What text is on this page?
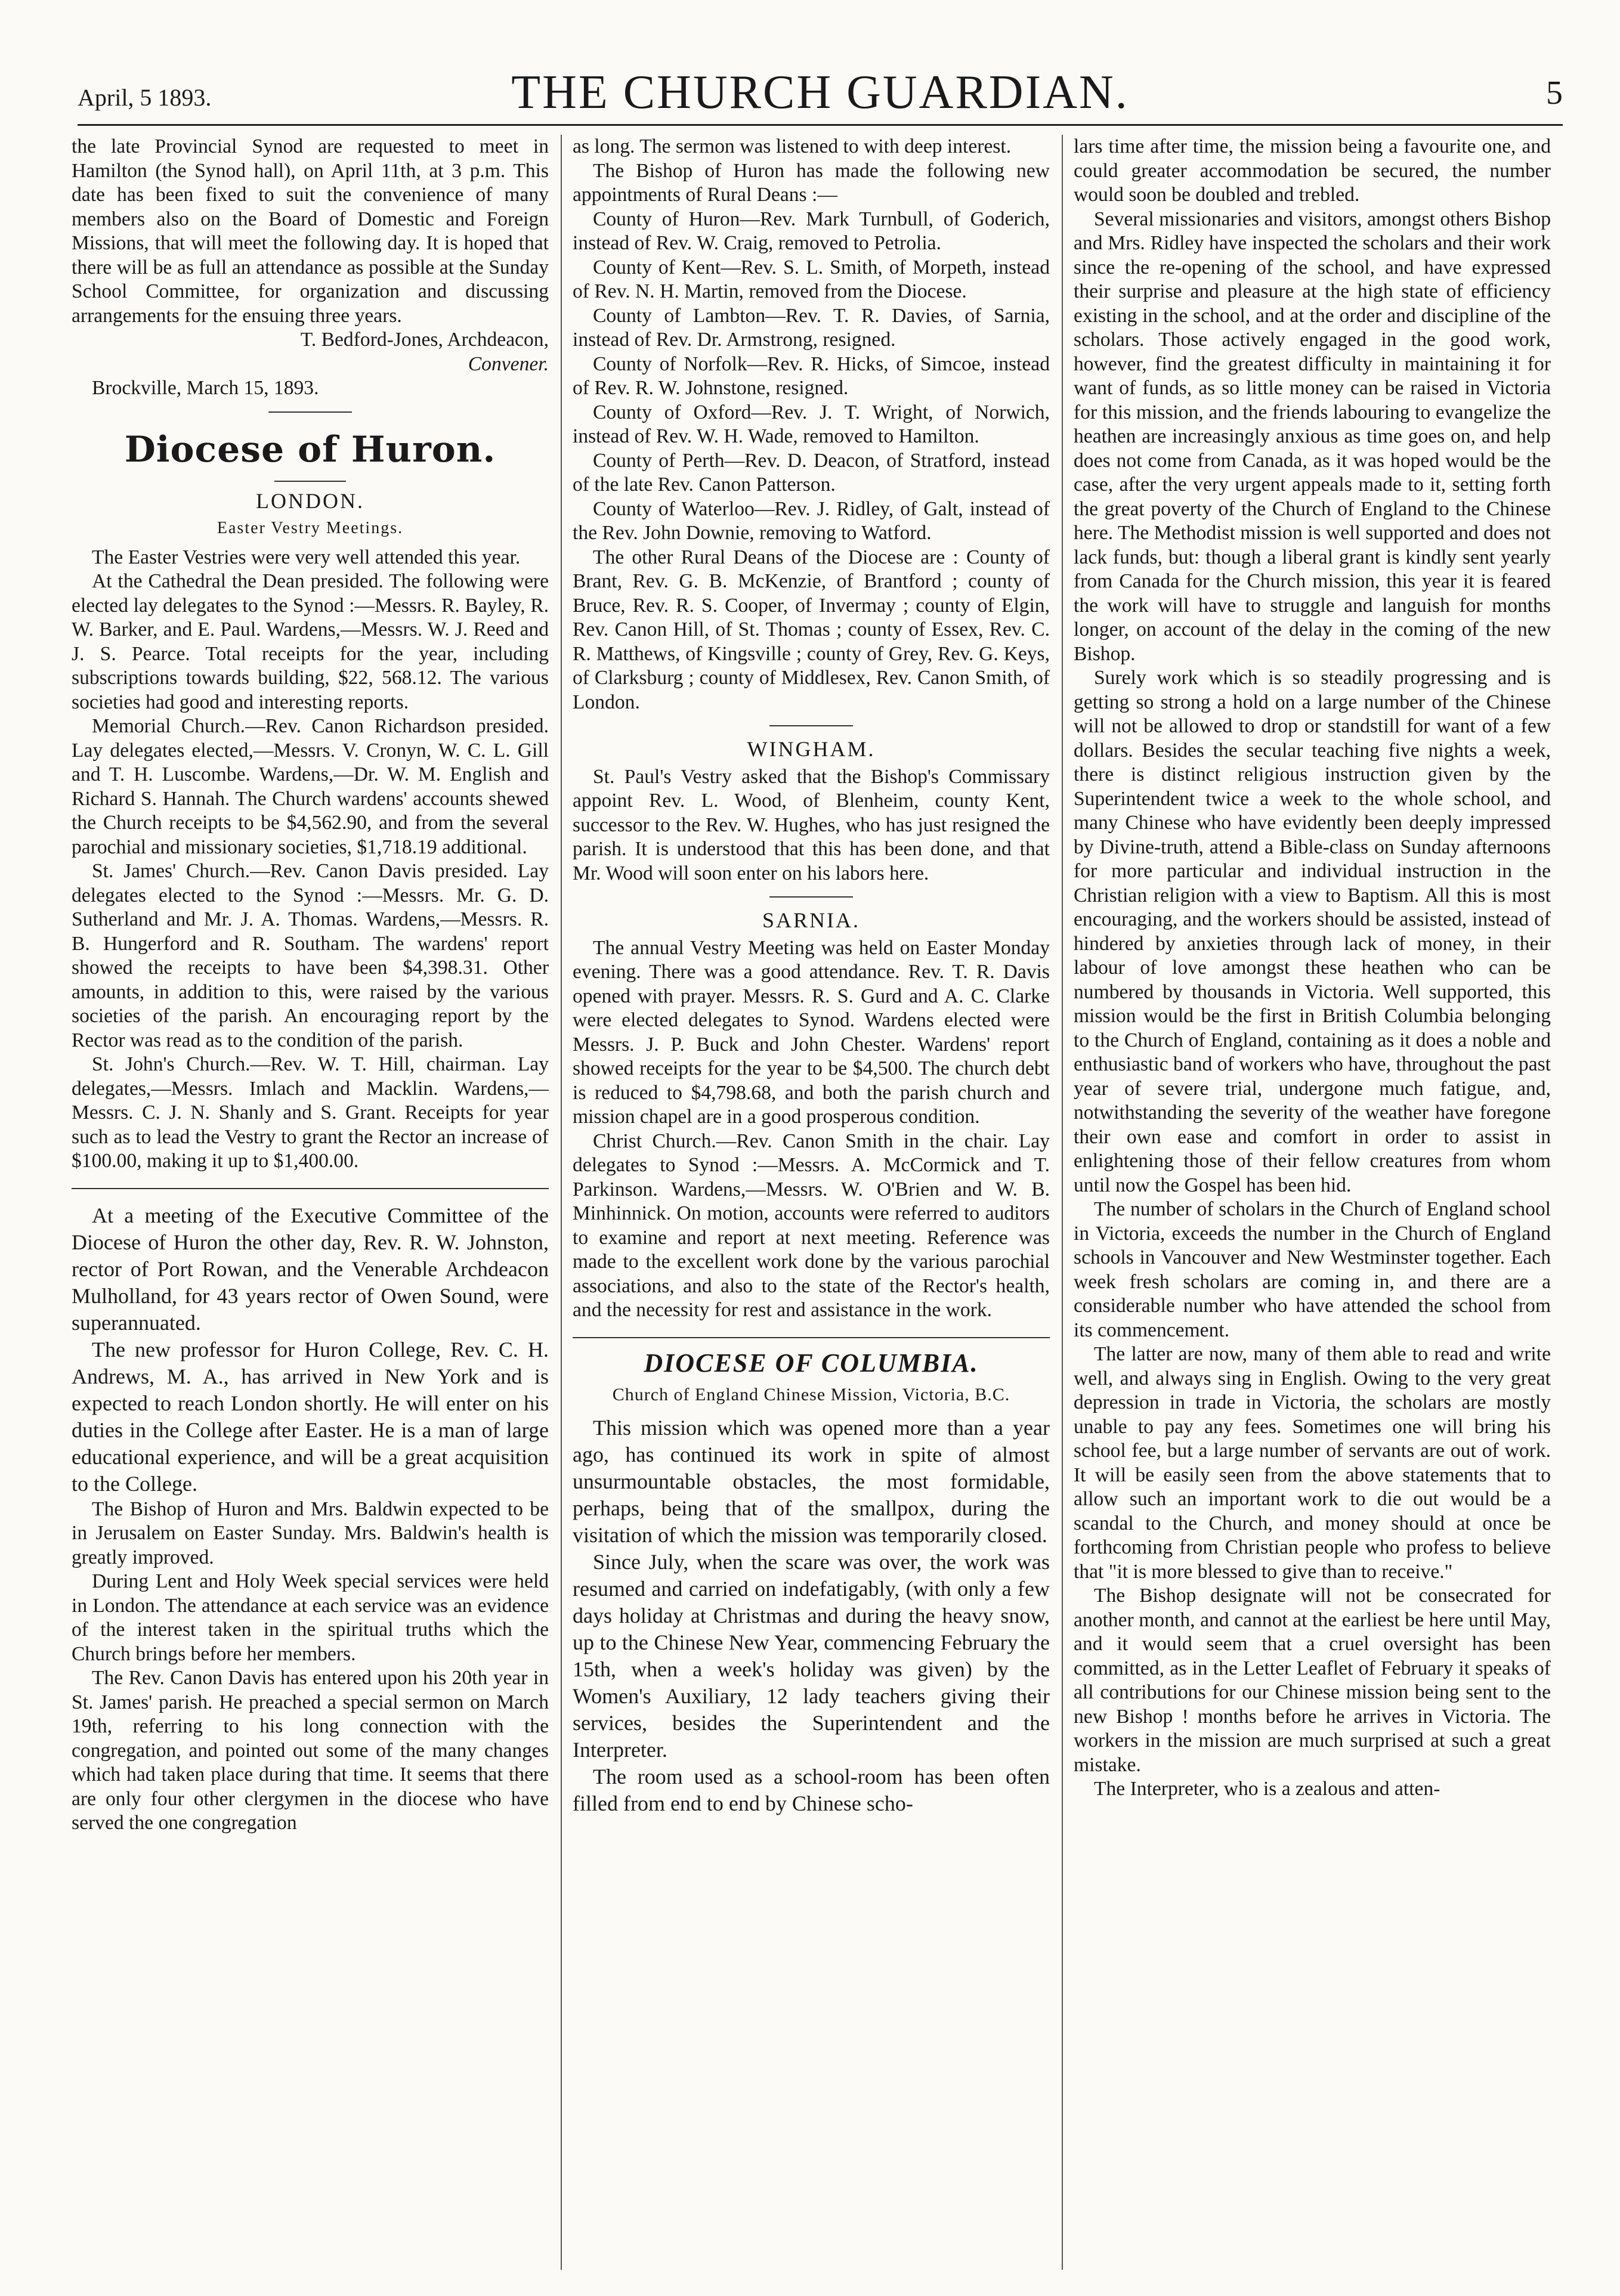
April, 5 1893.	THE CHURCH GUARDIAN.	5

the late Provincial Synod are requested to meet in Hamilton (the Synod hall), on April 11th, at 3 p.m. This date has been fixed to suit the convenience of many members also on the Board of Domestic and Foreign Missions, that will meet the following day. It is hoped that there will be as full an attendance as possible at the Sunday School Committee, for organization and discussing arrangements for the ensuing three years.

T. Bedford-Jones, Archdeacon,

Convener.

Brockville, March 15, 1893.

Diocese of Huron.
LONDON.
Easter Vestry Meetings.

The Easter Vestries were very well attended this year.

At the Cathedral the Dean presided. The following were elected lay delegates to the Synod :—Messrs. R. Bayley, R. W. Barker, and E. Paul. Wardens,—Messrs. W. J. Reed and J. S. Pearce. Total receipts for the year, including subscriptions towards building, $22, 568.12. The various societies had good and interesting reports.

Memorial Church.—Rev. Canon Richardson presided. Lay delegates elected,—Messrs. V. Cronyn, W. C. L. Gill and T. H. Luscombe. Wardens,—Dr. W. M. English and Richard S. Hannah. The Church wardens' accounts shewed the Church receipts to be $4,562.90, and from the several parochial and missionary societies, $1,718.19 additional.

St. James' Church.—Rev. Canon Davis presided. Lay delegates elected to the Synod :—Messrs. Mr. G. D. Sutherland and Mr. J. A. Thomas. Wardens,—Messrs. R. B. Hungerford and R. Southam. The wardens' report showed the receipts to have been $4,398.31. Other amounts, in addition to this, were raised by the various societies of the parish. An encouraging report by the Rector was read as to the condition of the parish.

St. John's Church.—Rev. W. T. Hill, chairman. Lay delegates,—Messrs. Imlach and Macklin. Wardens,—Messrs. C. J. N. Shanly and S. Grant. Receipts for year such as to lead the Vestry to grant the Rector an increase of $100.00, making it up to $1,400.00.

At a meeting of the Executive Committee of the Diocese of Huron the other day, Rev. R. W. Johnston, rector of Port Rowan, and the Venerable Archdeacon Mulholland, for 43 years rector of Owen Sound, were superannuated.

The new professor for Huron College, Rev. C. H. Andrews, M. A., has arrived in New York and is expected to reach London shortly. He will enter on his duties in the College after Easter. He is a man of large educational experience, and will be a great acquisition to the College.

The Bishop of Huron and Mrs. Baldwin expected to be in Jerusalem on Easter Sunday. Mrs. Baldwin's health is greatly improved.

During Lent and Holy Week special services were held in London. The attendance at each service was an evidence of the interest taken in the spiritual truths which the Church brings before her members.

The Rev. Canon Davis has entered upon his 20th year in St. James' parish. He preached a special sermon on March 19th, referring to his long connection with the congregation, and pointed out some of the many changes which had taken place during that time. It seems that there are only four other clergymen in the diocese who have served the one congregation

as long. The sermon was listened to with deep interest.

The Bishop of Huron has made the following new appointments of Rural Deans :—

County of Huron—Rev. Mark Turnbull, of Goderich, instead of Rev. W. Craig, removed to Petrolia.

County of Kent—Rev. S. L. Smith, of Morpeth, instead of Rev. N. H. Martin, removed from the Diocese.

County of Lambton—Rev. T. R. Davies, of Sarnia, instead of Rev. Dr. Armstrong, resigned.

County of Norfolk—Rev. R. Hicks, of Simcoe, instead of Rev. R. W. Johnstone, resigned.

County of Oxford—Rev. J. T. Wright, of Norwich, instead of Rev. W. H. Wade, removed to Hamilton.

County of Perth—Rev. D. Deacon, of Stratford, instead of the late Rev. Canon Patterson.

County of Waterloo—Rev. J. Ridley, of Galt, instead of the Rev. John Downie, removing to Watford.

The other Rural Deans of the Diocese are : County of Brant, Rev. G. B. McKenzie, of Brantford ; county of Bruce, Rev. R. S. Cooper, of Invermay ; county of Elgin, Rev. Canon Hill, of St. Thomas ; county of Essex, Rev. C. R. Matthews, of Kingsville ; county of Grey, Rev. G. Keys, of Clarksburg ; county of Middlesex, Rev. Canon Smith, of London.

WINGHAM.

St. Paul's Vestry asked that the Bishop's Commissary appoint Rev. L. Wood, of Blenheim, county Kent, successor to the Rev. W. Hughes, who has just resigned the parish. It is understood that this has been done, and that Mr. Wood will soon enter on his labors here.

SARNIA.

The annual Vestry Meeting was held on Easter Monday evening. There was a good attendance. Rev. T. R. Davis opened with prayer. Messrs. R. S. Gurd and A. C. Clarke were elected delegates to Synod. Wardens elected were Messrs. J. P. Buck and John Chester. Wardens' report showed receipts for the year to be $4,500. The church debt is reduced to $4,798.68, and both the parish church and mission chapel are in a good prosperous condition.

Christ Church.—Rev. Canon Smith in the chair. Lay delegates to Synod :—Messrs. A. McCormick and T. Parkinson. Wardens,—Messrs. W. O'Brien and W. B. Minhinnick. On motion, accounts were referred to auditors to examine and report at next meeting. Reference was made to the excellent work done by the various parochial associations, and also to the state of the Rector's health, and the necessity for rest and assistance in the work.

DIOCESE OF COLUMBIA.
Church of England Chinese Mission, Victoria, B.C.

This mission which was opened more than a year ago, has continued its work in spite of almost unsurmountable obstacles, the most formidable, perhaps, being that of the smallpox, during the visitation of which the mission was temporarily closed.

Since July, when the scare was over, the work was resumed and carried on indefatigably, (with only a few days holiday at Christmas and during the heavy snow, up to the Chinese New Year, commencing February the 15th, when a week's holiday was given) by the Women's Auxiliary, 12 lady teachers giving their services, besides the Superintendent and the Interpreter.

The room used as a school-room has been often filled from end to end by Chinese scho-

lars time after time, the mission being a favourite one, and could greater accommodation be secured, the number would soon be doubled and trebled.

Several missionaries and visitors, amongst others Bishop and Mrs. Ridley have inspected the scholars and their work since the re-opening of the school, and have expressed their surprise and pleasure at the high state of efficiency existing in the school, and at the order and discipline of the scholars. Those actively engaged in the good work, however, find the greatest difficulty in maintaining it for want of funds, as so little money can be raised in Victoria for this mission, and the friends labouring to evangelize the heathen are increasingly anxious as time goes on, and help does not come from Canada, as it was hoped would be the case, after the very urgent appeals made to it, setting forth the great poverty of the Church of England to the Chinese here. The Methodist mission is well supported and does not lack funds, but: though a liberal grant is kindly sent yearly from Canada for the Church mission, this year it is feared the work will have to struggle and languish for months longer, on account of the delay in the coming of the new Bishop.

Surely work which is so steadily progressing and is getting so strong a hold on a large number of the Chinese will not be allowed to drop or standstill for want of a few dollars. Besides the secular teaching five nights a week, there is distinct religious instruction given by the Superintendent twice a week to the whole school, and many Chinese who have evidently been deeply impressed by Divine-truth, attend a Bible-class on Sunday afternoons for more particular and individual instruction in the Christian religion with a view to Baptism. All this is most encouraging, and the workers should be assisted, instead of hindered by anxieties through lack of money, in their labour of love amongst these heathen who can be numbered by thousands in Victoria. Well supported, this mission would be the first in British Columbia belonging to the Church of England, containing as it does a noble and enthusiastic band of workers who have, throughout the past year of severe trial, undergone much fatigue, and, notwithstanding the severity of the weather have foregone their own ease and comfort in order to assist in enlightening those of their fellow creatures from whom until now the Gospel has been hid.

The number of scholars in the Church of England school in Victoria, exceeds the number in the Church of England schools in Vancouver and New Westminster together. Each week fresh scholars are coming in, and there are a considerable number who have attended the school from its commencement.

The latter are now, many of them able to read and write well, and always sing in English. Owing to the very great depression in trade in Victoria, the scholars are mostly unable to pay any fees. Sometimes one will bring his school fee, but a large number of servants are out of work. It will be easily seen from the above statements that to allow such an important work to die out would be a scandal to the Church, and money should at once be forthcoming from Christian people who profess to believe that "it is more blessed to give than to receive."

The Bishop designate will not be consecrated for another month, and cannot at the earliest be here until May, and it would seem that a cruel oversight has been committed, as in the Letter Leaflet of February it speaks of all contributions for our Chinese mission being sent to the new Bishop ! months before he arrives in Victoria. The workers in the mission are much surprised at such a great mistake.

The Interpreter, who is a zealous and atten-
